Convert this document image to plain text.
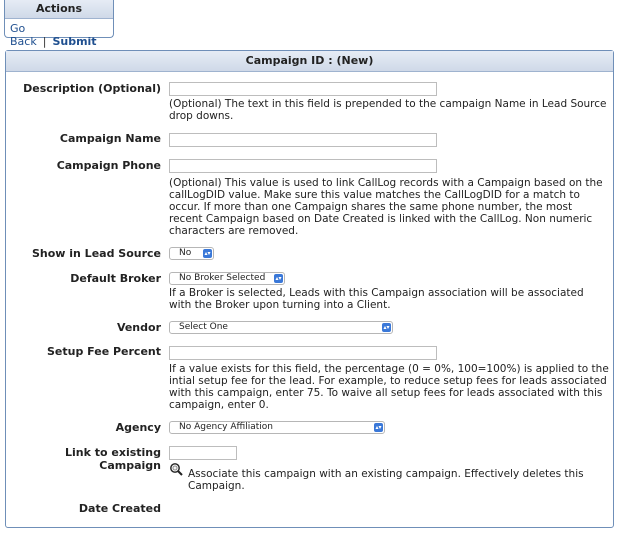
Actions
Go Back | Submit
Campaign ID : (New)
Description (Optional)
(Optional) The text in this field is prepended to the campaign Name in Lead Source drop downs.
Campaign Name
Campaign Phone
(Optional) This value is used to link CallLog records with a Campaign based on the callLogDID value. Make sure this value matches the CallLogDID for a match to occur. If more than one Campaign shares the same phone number, the most recent Campaign based on Date Created is linked with the CallLog. Non numeric characters are removed.
Show in Lead Source	No ▴▾
Default Broker	No Broker Selected ▴▾
If a Broker is selected, Leads with this Campaign association will be associated with the Broker upon turning into a Client.
Vendor	Select One	▴▾
Setup Fee Percent
If a value exists for this field, the percentage (0 = 0%, 100=100%) is applied to the intial setup fee for the lead. For example, to reduce setup fees for leads associated with this campaign, enter 75. To waive all setup fees for leads associated with this campaign, enter 0.
Agency	No Agency Affiliation	▴▾
Link to existing Campaign
Associate this campaign with an existing campaign. Effectively deletes this Campaign.
Date Created
